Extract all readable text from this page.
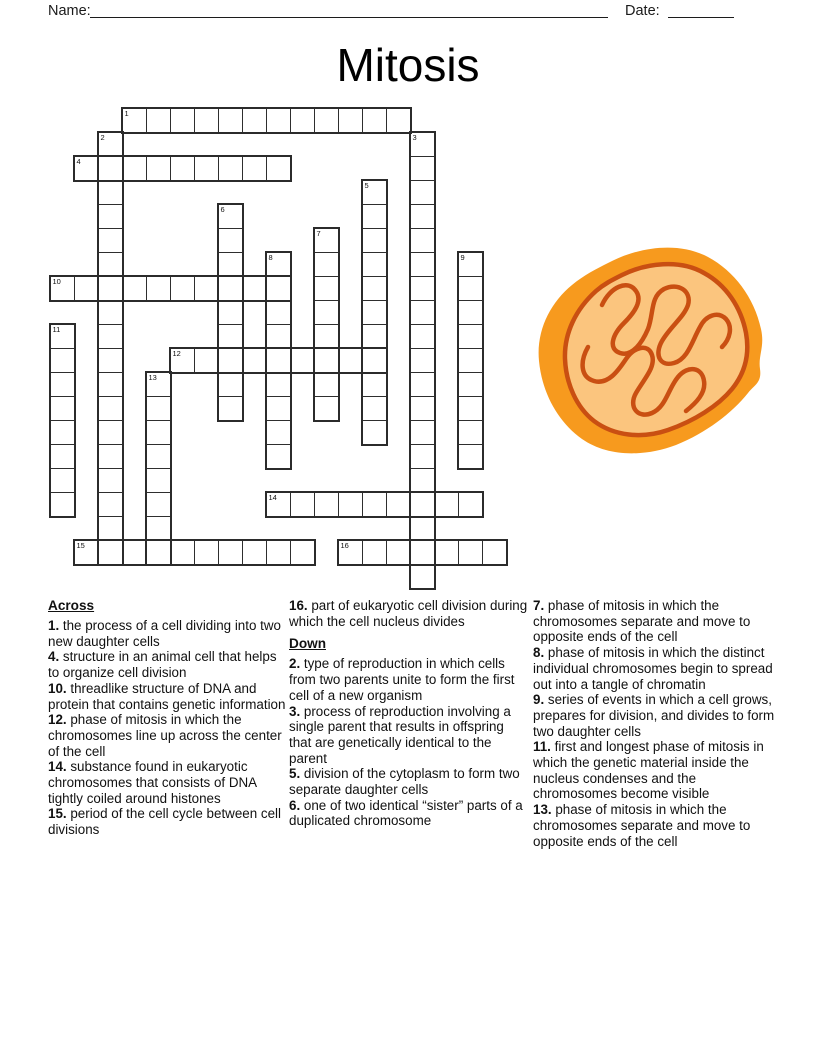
Name:	Date:
Mitosis
1
2	3
4
5
6
7
8	9
10
11
12
13
14
15	16
Across

1. the process of a cell dividing into two new daughter cells

4. structure in an animal cell that helps to organize cell division

10. threadlike structure of DNA and protein that contains genetic information

12. phase of mitosis in which the chromosomes line up across the center of the cell

14. substance found in eukaryotic chromosomes that consists of DNA tightly coiled around histones

15. period of the cell cycle between cell divisions

16. part of eukaryotic cell division during which the cell nucleus divides

Down

2. type of reproduction in which cells from two parents unite to form the first cell of a new organism

3. process of reproduction involving a single parent that results in offspring that are genetically identical to the parent

5. division of the cytoplasm to form two separate daughter cells

6. one of two identical “sister” parts of a duplicated chromosome

7. phase of mitosis in which the chromosomes separate and move to opposite ends of the cell

8. phase of mitosis in which the distinct individual chromosomes begin to spread out into a tangle of chromatin

9. series of events in which a cell grows, prepares for division, and divides to form two daughter cells

11. first and longest phase of mitosis in which the genetic material inside the nucleus condenses and the chromosomes become visible

13. phase of mitosis in which the chromosomes separate and move to opposite ends of the cell
